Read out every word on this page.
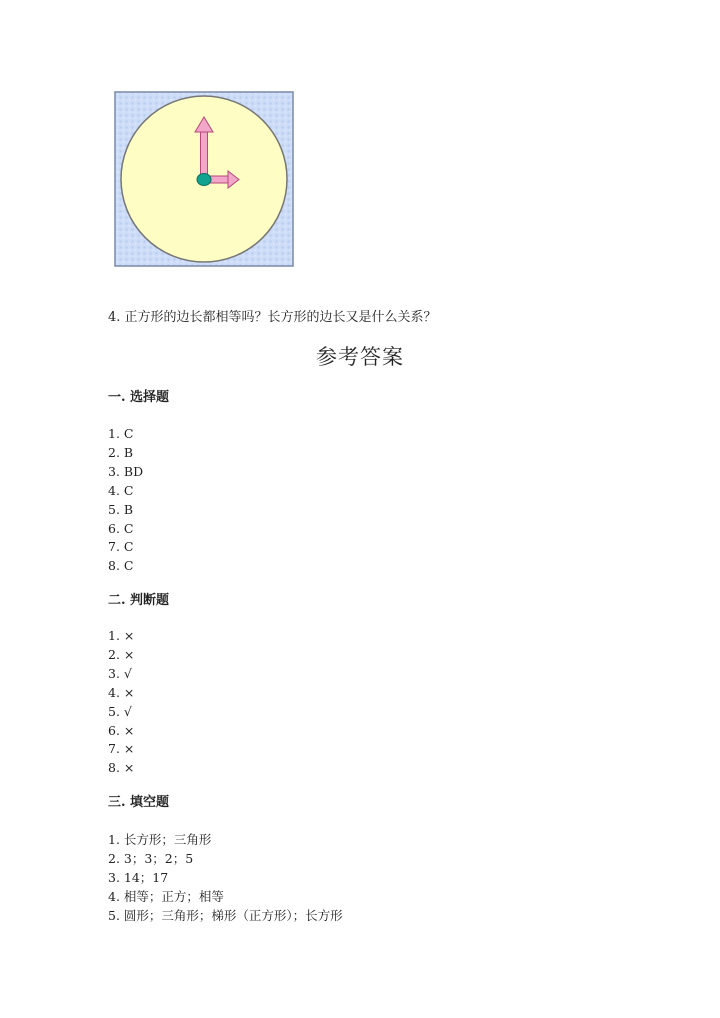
4. 正方形的边长都相等吗？长方形的边长又是什么关系？
参考答案
一. 选择题
1. C
2. B
3. BD
4. C
5. B
6. C
7. C
8. C
二. 判断题
1. ×
2. ×
3. √
4. ×
5. √
6. ×
7. ×
8. ×
三. 填空题
1. 长方形；三角形
2. 3；3；2；5
3. 14；17
4. 相等；正方；相等
5. 圆形；三角形；梯形（正方形）；长方形
